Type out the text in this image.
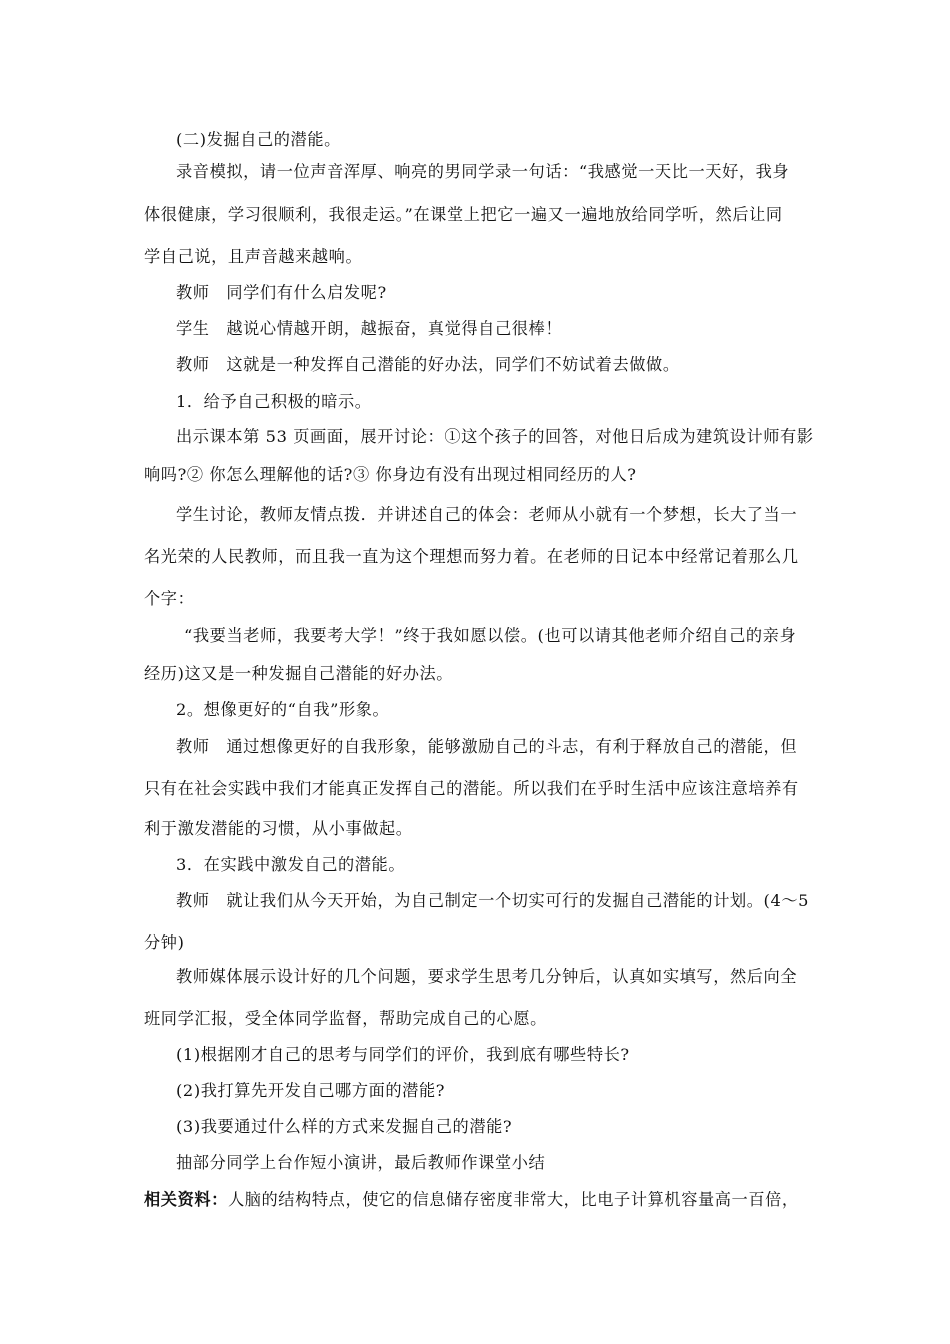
(二)发掘自己的潜能。
录音模拟，请一位声音浑厚、响亮的男同学录一句话：“我感觉一天比一天好，我身
体很健康，学习很顺利，我很走运。”在课堂上把它一遍又一遍地放给同学听，然后让同
学自己说，且声音越来越响。
教师　同学们有什么启发呢?
学生　越说心情越开朗，越振奋，真觉得自己很棒！
教师　这就是一种发挥自己潜能的好办法，同学们不妨试着去做做。
1．给予自己积极的暗示。
出示课本第 53 页画面，展开讨论：①这个孩子的回答，对他日后成为建筑设计师有影
响吗?② 你怎么理解他的话?③ 你身边有没有出现过相同经历的人?
学生讨论，教师友情点拨．并讲述自己的体会：老师从小就有一个梦想，长大了当一
名光荣的人民教师，而且我一直为这个理想而努力着。在老师的日记本中经常记着那么几
个字：
“我要当老师，我要考大学！”终于我如愿以偿。(也可以请其他老师介绍自己的亲身
经历)这又是一种发掘自己潜能的好办法。
2。想像更好的“自我”形象。
教师　通过想像更好的自我形象，能够激励自己的斗志，有利于释放自己的潜能，但
只有在社会实践中我们才能真正发挥自己的潜能。所以我们在乎时生活中应该注意培养有
利于激发潜能的习惯，从小事做起。
3．在实践中激发自己的潜能。
教师　就让我们从今天开始，为自己制定一个切实可行的发掘自己潜能的计划。(4～5
分钟)
教师媒体展示设计好的几个问题，要求学生思考几分钟后，认真如实填写，然后向全
班同学汇报，受全体同学监督，帮助完成自己的心愿。
(1)根据刚才自己的思考与同学们的评价，我到底有哪些特长?
(2)我打算先开发自己哪方面的潜能?
(3)我要通过什么样的方式来发掘自己的潜能?
抽部分同学上台作短小演讲，最后教师作课堂小结
相关资料：人脑的结构特点，使它的信息储存密度非常大，比电子计算机容量高一百倍，
